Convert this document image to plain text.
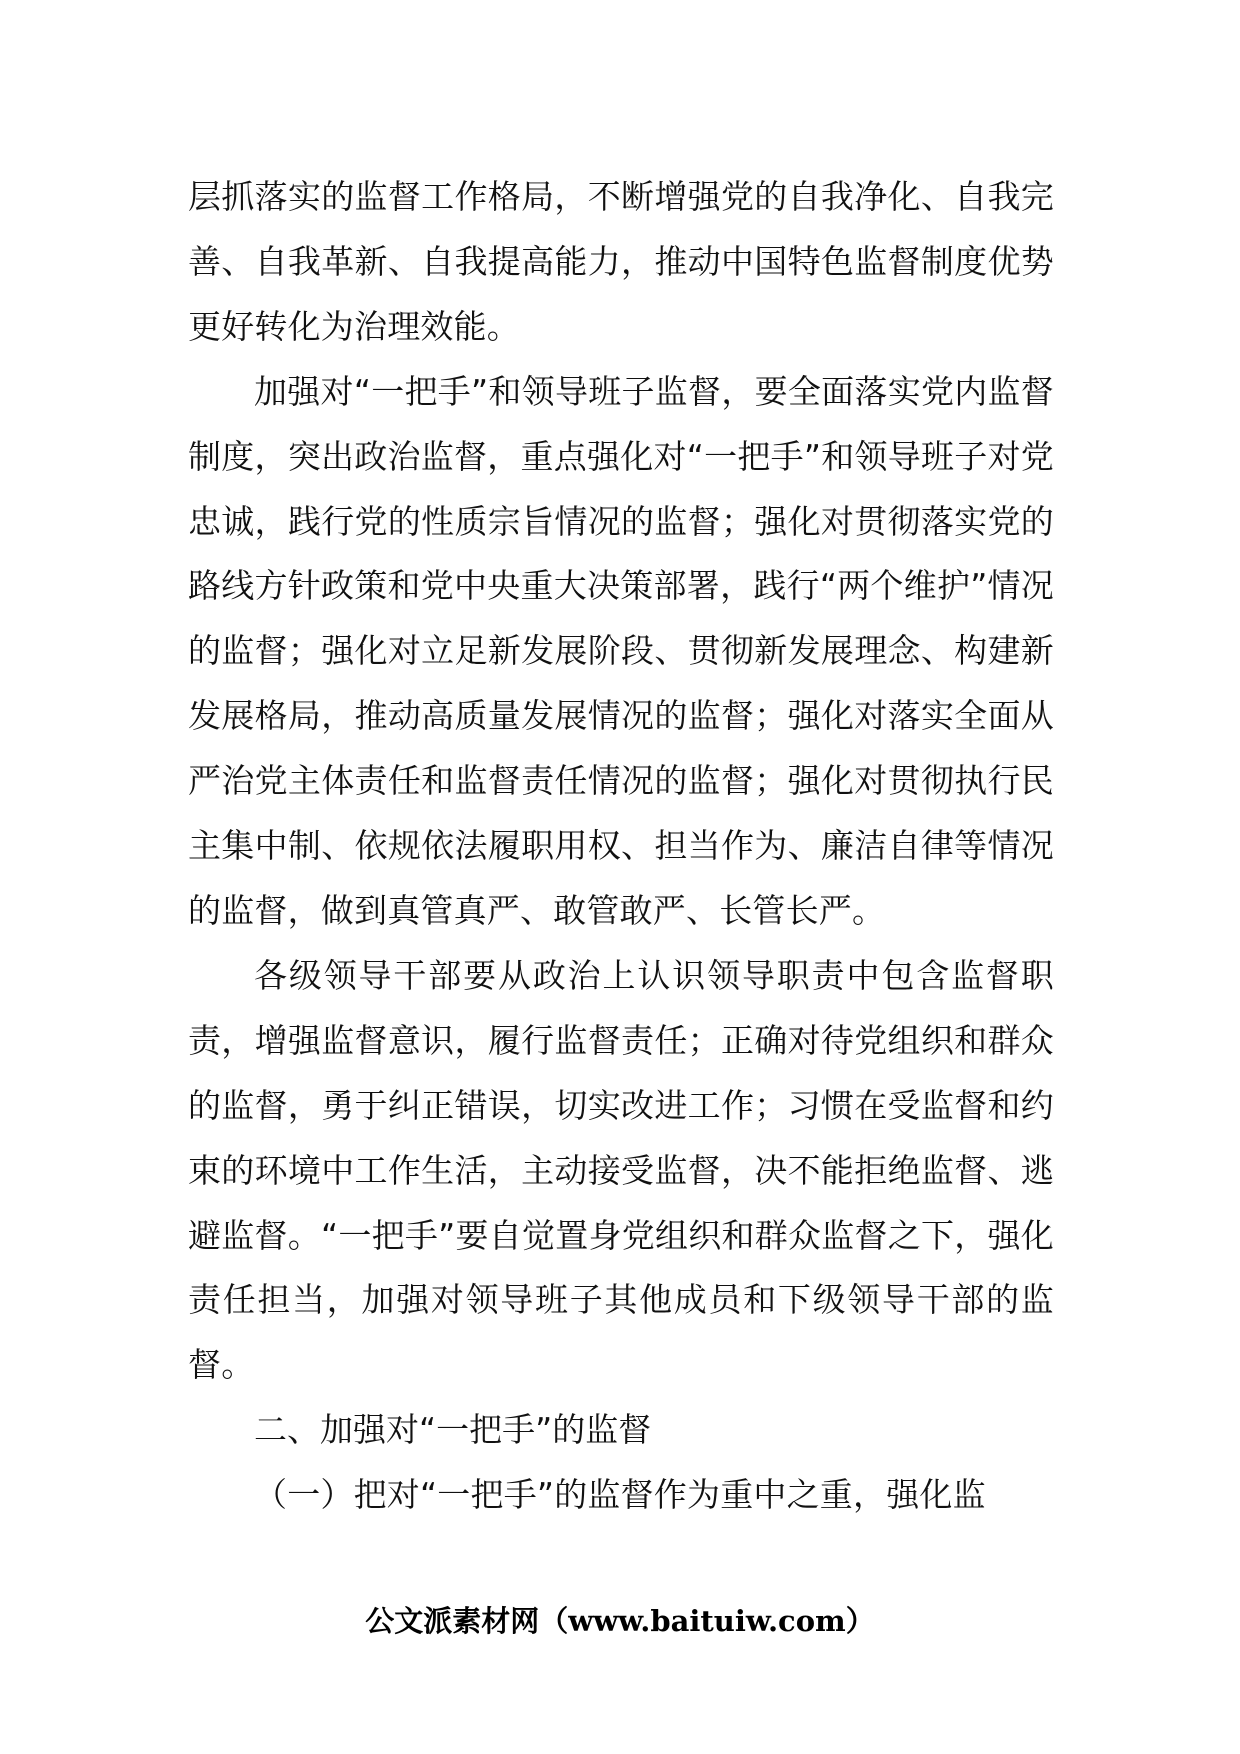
层抓落实的监督工作格局，不断增强党的自我净化、自我完善、自我革新、自我提高能力，推动中国特色监督制度优势更好转化为治理效能。

加强对“一把手”和领导班子监督，要全面落实党内监督制度，突出政治监督，重点强化对“一把手”和领导班子对党忠诚，践行党的性质宗旨情况的监督；强化对贯彻落实党的路线方针政策和党中央重大决策部署，践行“两个维护”情况的监督；强化对立足新发展阶段、贯彻新发展理念、构建新发展格局，推动高质量发展情况的监督；强化对落实全面从严治党主体责任和监督责任情况的监督；强化对贯彻执行民主集中制、依规依法履职用权、担当作为、廉洁自律等情况的监督，做到真管真严、敢管敢严、长管长严。

各级领导干部要从政治上认识领导职责中包含监督职责，增强监督意识，履行监督责任；正确对待党组织和群众的监督，勇于纠正错误，切实改进工作；习惯在受监督和约束的环境中工作生活，主动接受监督，决不能拒绝监督、逃避监督。“一把手”要自觉置身党组织和群众监督之下，强化责任担当，加强对领导班子其他成员和下级领导干部的监督。

二、加强对“一把手”的监督

（一）把对“一把手”的监督作为重中之重，强化监

公文派素材网（www.baituiw.com）
